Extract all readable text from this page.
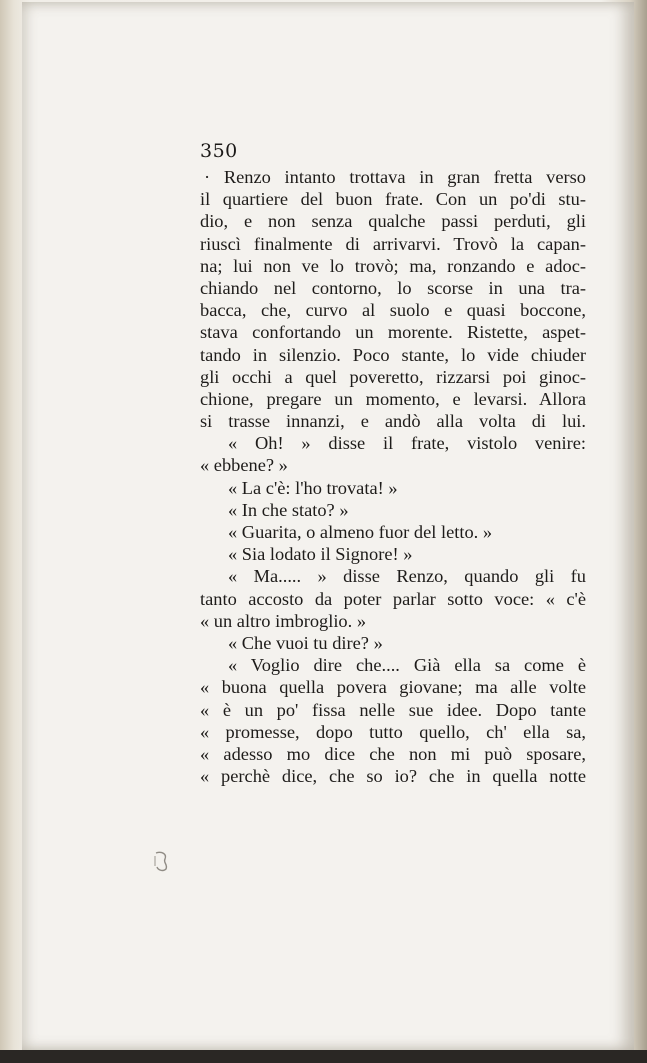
350
· Renzo intanto trottava in gran fretta verso
il quartiere del buon frate. Con un po'di stu-
dio, e non senza qualche passi perduti, gli
riuscì finalmente di arrivarvi. Trovò la capan-
na; lui non ve lo trovò; ma, ronzando e adoc-
chiando nel contorno, lo scorse in una tra-
bacca, che, curvo al suolo e quasi boccone,
stava confortando un morente. Ristette, aspet-
tando in silenzio. Poco stante, lo vide chiuder
gli occhi a quel poveretto, rizzarsi poi ginoc-
chione, pregare un momento, e levarsi. Allora
si trasse innanzi, e andò alla volta di lui.
« Oh! » disse il frate, vistolo venire:
« ebbene? »
« La c'è: l'ho trovata! »
« In che stato? »
« Guarita, o almeno fuor del letto. »
« Sia lodato il Signore! »
« Ma..... » disse Renzo, quando gli fu
tanto accosto da poter parlar sotto voce: « c'è
« un altro imbroglio. »
« Che vuoi tu dire? »
« Voglio dire che.... Già ella sa come è
« buona quella povera giovane; ma alle volte
« è un po' fissa nelle sue idee. Dopo tante
« promesse, dopo tutto quello, ch' ella sa,
« adesso mo dice che non mi può sposare,
« perchè dice, che so io? che in quella notte
